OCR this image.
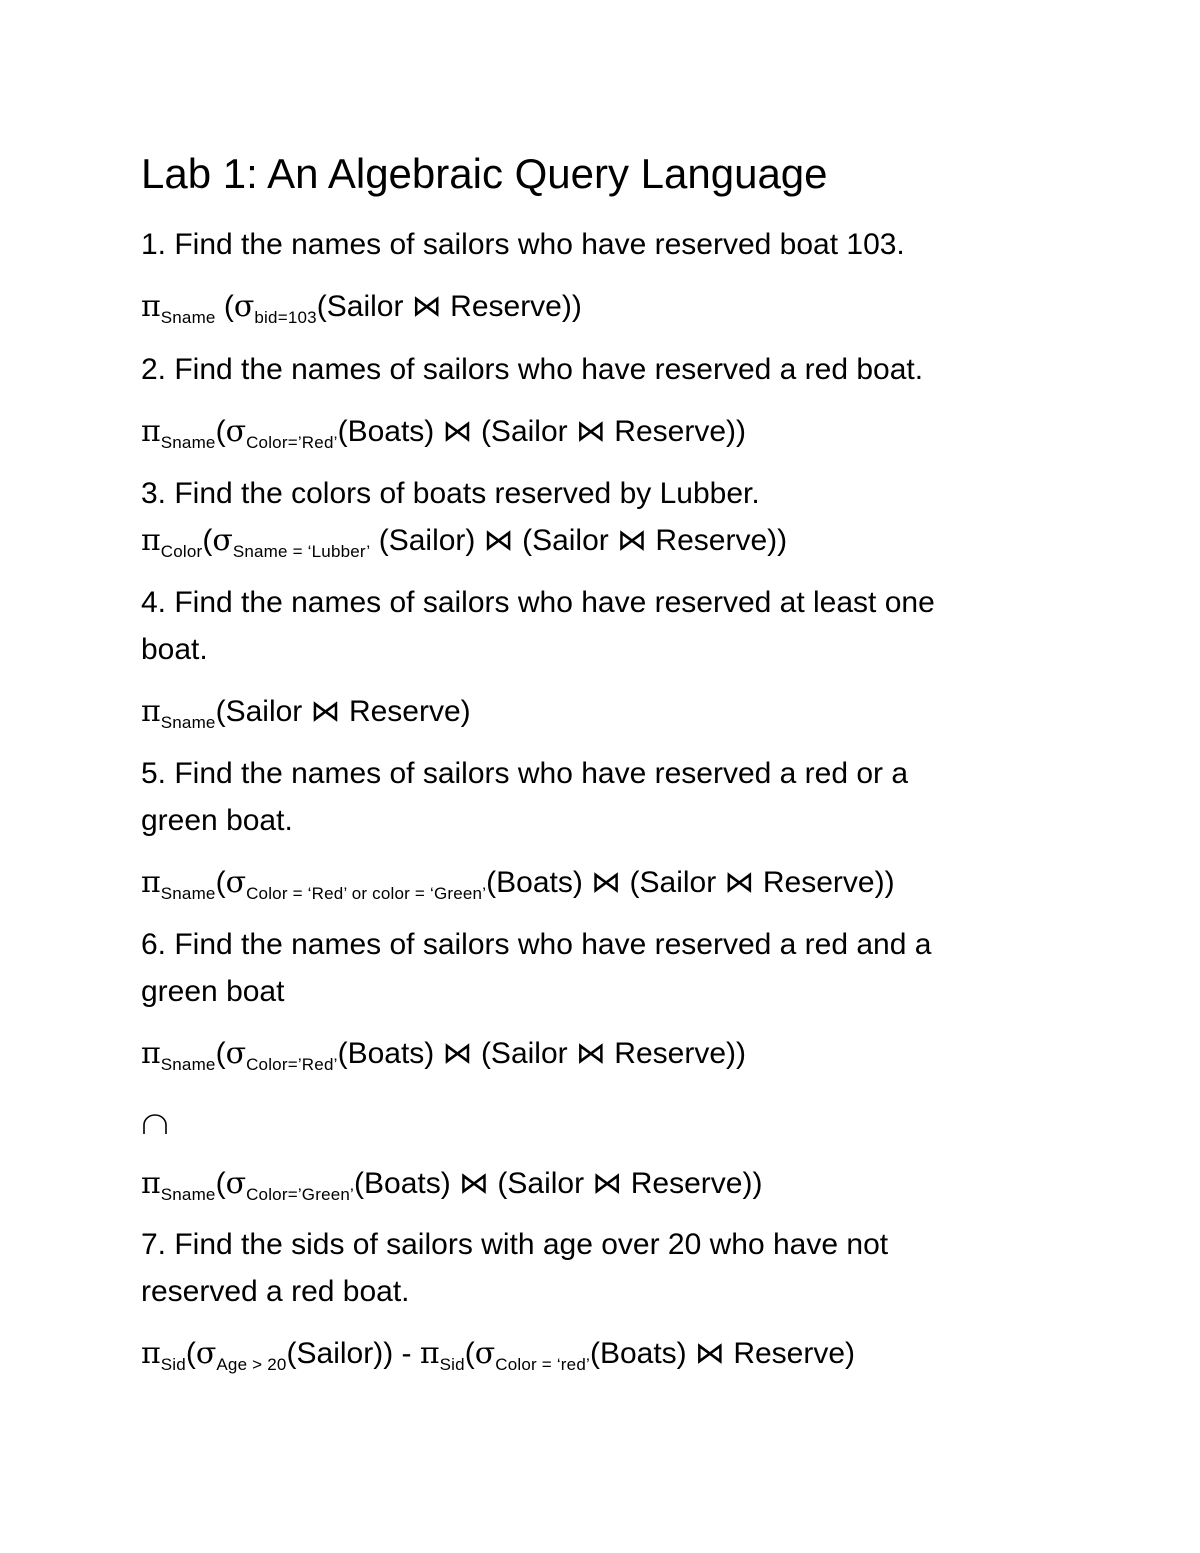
Lab 1: An Algebraic Query Language
1. Find the names of sailors who have reserved boat 103.
$\pi_{Sname}$ ($\sigma_{bid=103}(Sailor$ ⋈ Reserve))
2. Find the names of sailors who have reserved a red boat.
$\pi_{Sname}(\sigma_{Color=’Red’}(Boats)$ ⋈ (Sailor ⋈ Reserve))
3. Find the colors of boats reserved by Lubber.
$\pi_{Color}(\sigma_{Sname = ‘Lubber’}$ (Sailor) ⋈ (Sailor ⋈ Reserve))
4. Find the names of sailors who have reserved at least one
boat.
$\pi_{Sname}(Sailor$ ⋈ Reserve)
5. Find the names of sailors who have reserved a red or a
green boat.
$\pi_{Sname}(\sigma_{Color = ‘Red’ or color = ‘Green’}(Boats)$ ⋈ (Sailor ⋈ Reserve))
6. Find the names of sailors who have reserved a red and a
green boat
$\pi_{Sname}(\sigma_{Color=’Red’}(Boats)$ ⋈ (Sailor ⋈ Reserve))
$\pi_{Sname}(\sigma_{Color=’Green’}(Boats)$ ⋈ (Sailor ⋈ Reserve))
7. Find the sids of sailors with age over 20 who have not
reserved a red boat.
$\pi_{Sid}(\sigma_{Age > 20}(Sailor))$ - $\pi_{Sid}(\sigma_{Color = ‘red’}(Boats)$ ⋈ Reserve)
